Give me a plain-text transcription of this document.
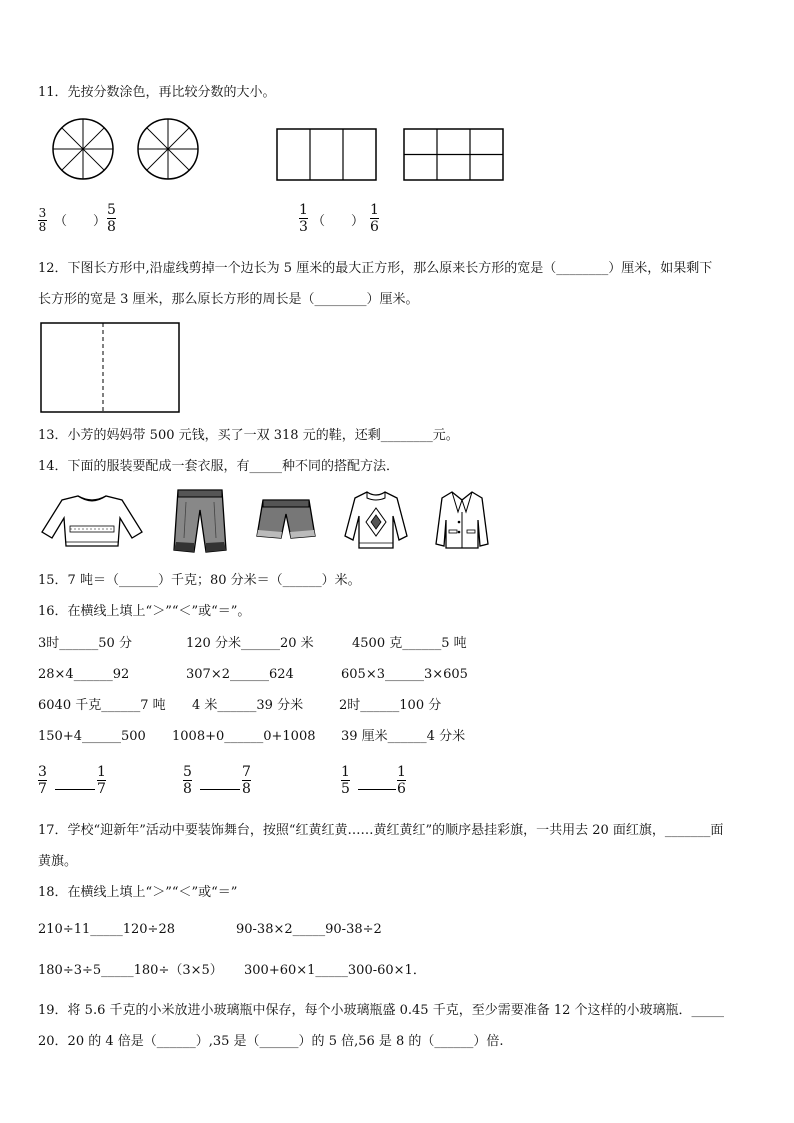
11．先按分数涂色，再比较分数的大小。
3
8 （　　）
5
8
1
3 （　　）
1
6
12．下图长方形中,沿虚线剪掉一个边长为 5 厘米的最大正方形，那么原来长方形的宽是（________）厘米，如果剩下
长方形的宽是 3 厘米，那么原长方形的周长是（________）厘米。
13．小芳的妈妈带 500 元钱，买了一双 318 元的鞋，还剩________元。
14．下面的服装要配成一套衣服，有_____种不同的搭配方法．
15．7 吨＝（______）千克；80 分米＝（______）米。
16．在横线上填上“＞”“＜”或“＝”。
3时______50 分	120 分米______20 米	4500 克______5 吨
28×4______92	307×2______624	605×3______3×605
6040 千克______7 吨 4 米______39 分米	2时______100 分
150+4______500 1008+0______0+1008 39 厘米______4 分米
3
7
1
7
5
8
7
8
1
5
1
6
17．学校“迎新年”活动中要装饰舞台，按照“红黄红黄……黄红黄红”的顺序悬挂彩旗，一共用去 20 面红旗，_______面
黄旗。
18．在横线上填上“＞”“＜”或“＝”
210÷11_____120÷28	90-38×2_____90-38÷2
180÷3÷5_____180÷（3×5） 300+60×1_____300-60×1．
19．将 5.6 千克的小米放进小玻璃瓶中保存，每个小玻璃瓶盛 0.45 千克，至少需要准备 12 个这样的小玻璃瓶．_____
20．20 的 4 倍是（______）,35 是（______）的 5 倍,56 是 8 的（______）倍.
